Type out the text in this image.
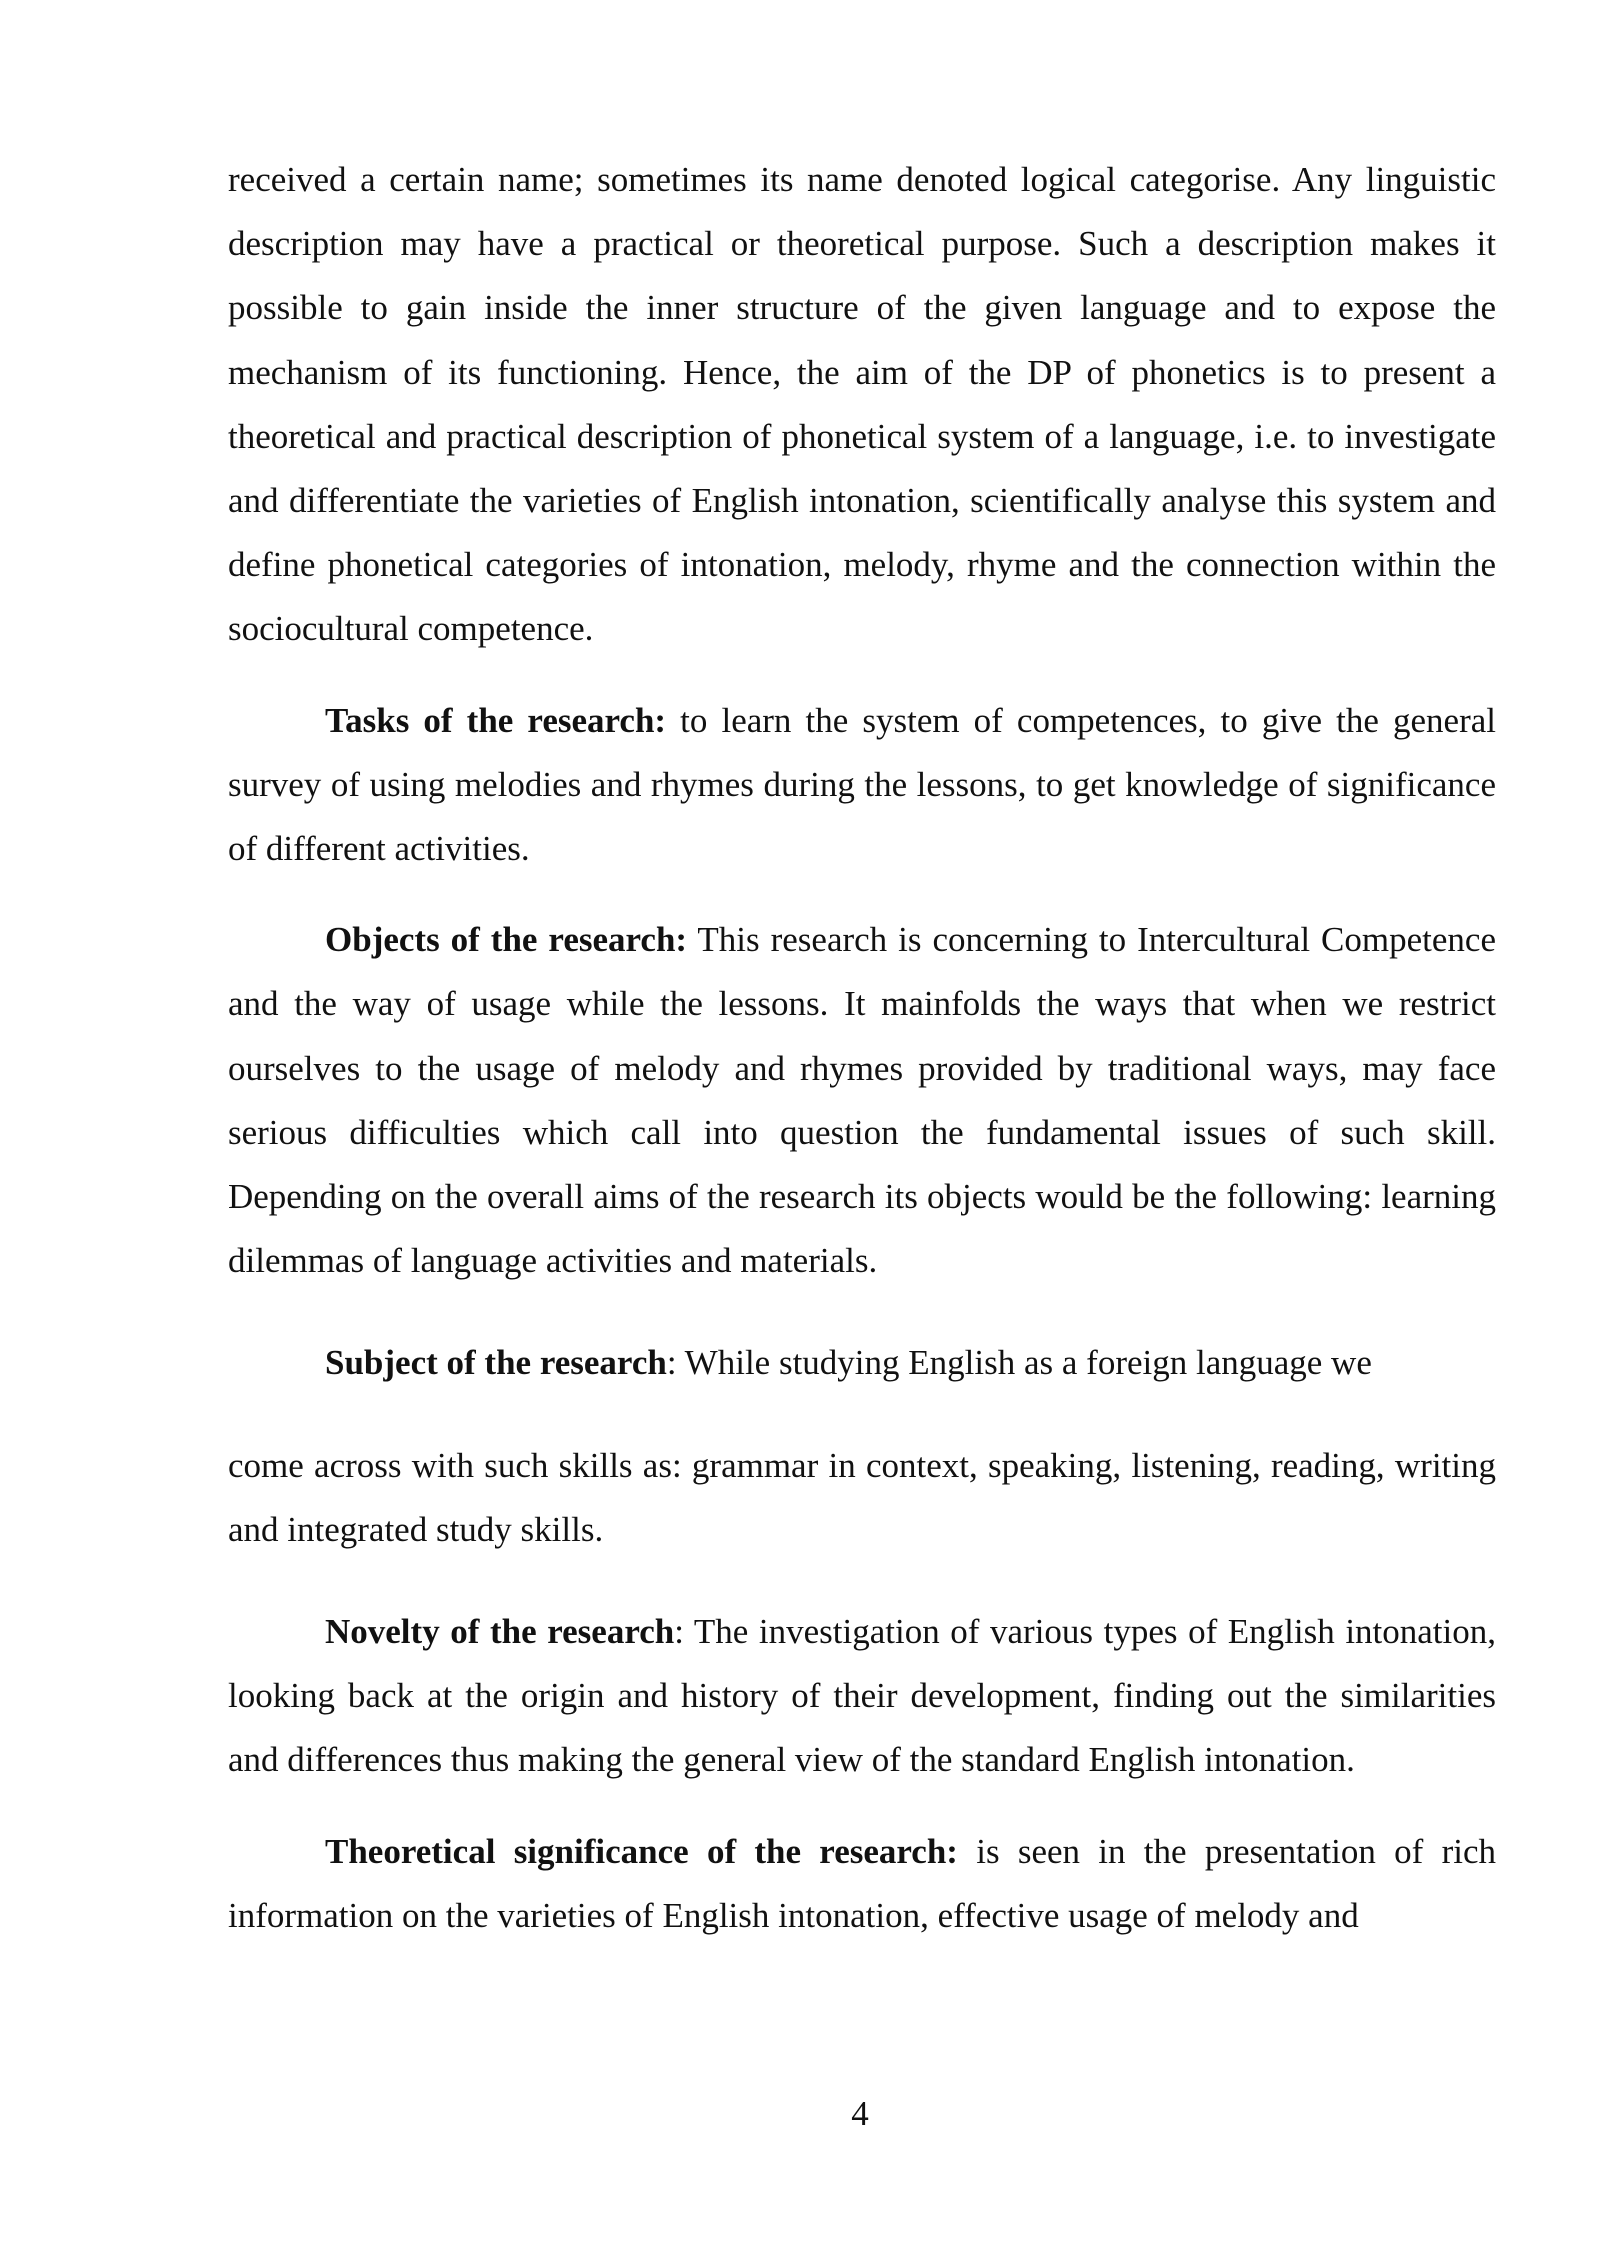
received a certain name; sometimes its name denoted logical categorise. Any linguistic description may have a practical or theoretical purpose. Such a description makes it possible to gain inside the inner structure of the given language and to expose the mechanism of its functioning. Hence, the aim of the DP of phonetics is to present a theoretical and practical description of phonetical system of a language, i.e. to investigate and differentiate the varieties of English intonation, scientifically analyse this system and define phonetical categories of intonation, melody, rhyme and the connection within the sociocultural competence.

Tasks of the research: to learn the system of competences, to give the general survey of using melodies and rhymes during the lessons, to get knowledge of significance of different activities.

Objects of the research: This research is concerning to Intercultural Competence and the way of usage while the lessons. It mainfolds the ways that when we restrict ourselves to the usage of melody and rhymes provided by traditional ways, may face serious difficulties which call into question the fundamental issues of such skill. Depending on the overall aims of the research its objects would be the following: learning dilemmas of language activities and materials.

Subject of the research: While studying English as a foreign language we

come across with such skills as: grammar in context, speaking, listening, reading, writing and integrated study skills.

Novelty of the research: The investigation of various types of English intonation, looking back at the origin and history of their development, finding out the similarities and differences thus making the general view of the standard English intonation.

Theoretical significance of the research: is seen in the presentation of rich information on the varieties of English intonation, effective usage of melody and

4
